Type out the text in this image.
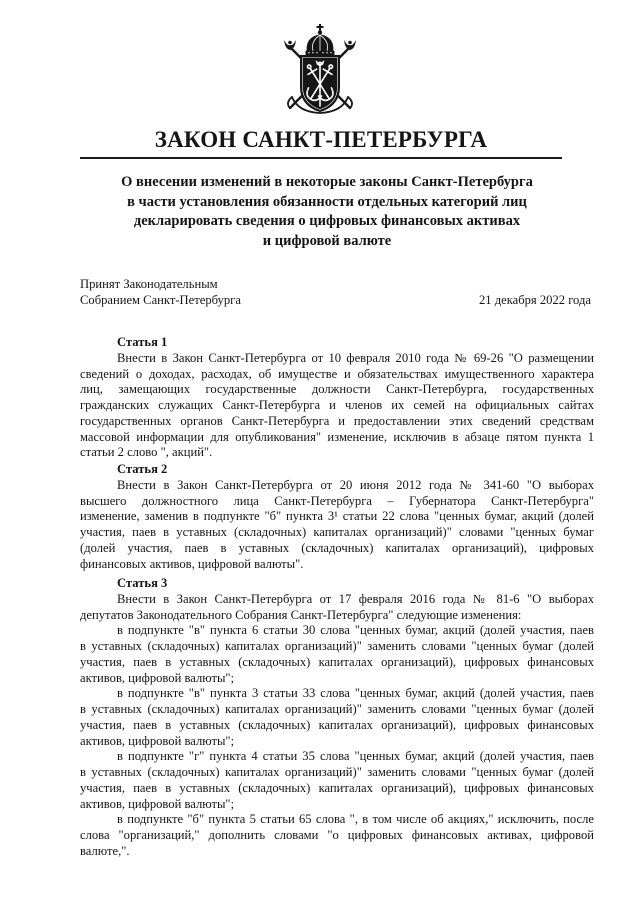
ЗАКОН САНКТ-ПЕТЕРБУРГА
О внесении изменений в некоторые законы Санкт-Петербурга
в части установления обязанности отдельных категорий лиц
декларировать сведения о цифровых финансовых активах
и цифровой валюте
Принят Законодательным
Собранием Санкт-Петербурга	21 декабря 2022 года
Статья 1
Внести в Закон Санкт-Петербурга от 10 февраля 2010 года № 69-26 "О размещении
сведений о доходах, расходах, об имуществе и обязательствах имущественного характера
лиц, замещающих государственные должности Санкт-Петербурга, государственных
гражданских служащих Санкт-Петербурга и членов их семей на официальных сайтах
государственных органов Санкт-Петербурга и предоставлении этих сведений средствам
массовой информации для опубликования" изменение, исключив в абзаце пятом пункта 1
статьи 2 слово ", акций".
Статья 2
Внести в Закон Санкт-Петербурга от 20 июня 2012 года № 341-60 "О выборах
высшего должностного лица Санкт-Петербурга – Губернатора Санкт-Петербурга"
изменение, заменив в подпункте "б" пункта 3¹ статьи 22 слова "ценных бумаг, акций (долей
участия, паев в уставных (складочных) капиталах организаций)" словами "ценных бумаг
(долей участия, паев в уставных (складочных) капиталах организаций), цифровых
финансовых активов, цифровой валюты".
Статья 3
Внести в Закон Санкт-Петербурга от 17 февраля 2016 года № 81-6 "О выборах
депутатов Законодательного Собрания Санкт-Петербурга" следующие изменения:
в подпункте "в" пункта 6 статьи 30 слова "ценных бумаг, акций (долей участия, паев
в уставных (складочных) капиталах организаций)" заменить словами "ценных бумаг (долей
участия, паев в уставных (складочных) капиталах организаций), цифровых финансовых
активов, цифровой валюты";
в подпункте "в" пункта 3 статьи 33 слова "ценных бумаг, акций (долей участия, паев
в уставных (складочных) капиталах организаций)" заменить словами "ценных бумаг (долей
участия, паев в уставных (складочных) капиталах организаций), цифровых финансовых
активов, цифровой валюты";
в подпункте "г" пункта 4 статьи 35 слова "ценных бумаг, акций (долей участия, паев
в уставных (складочных) капиталах организаций)" заменить словами "ценных бумаг (долей
участия, паев в уставных (складочных) капиталах организаций), цифровых финансовых
активов, цифровой валюты";
в подпункте "б" пункта 5 статьи 65 слова ", в том числе об акциях," исключить, после
слова "организаций," дополнить словами "о цифровых финансовых активах, цифровой
валюте,".
